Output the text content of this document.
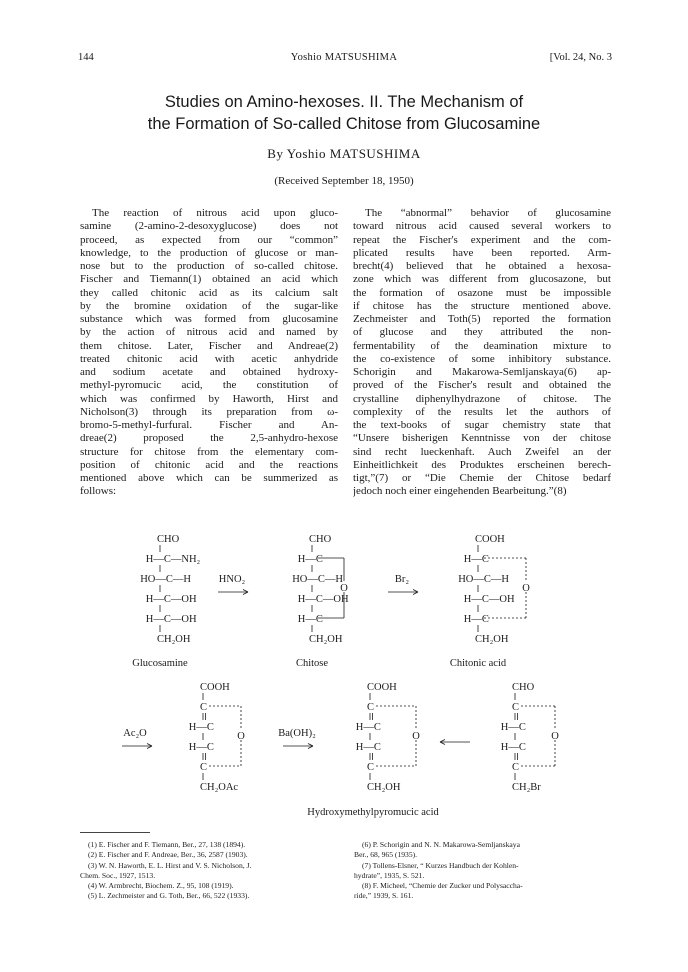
144	Yoshio MATSUSHIMA	[Vol. 24, No. 3
Studies on Amino-hexoses. II. The Mechanism of
the Formation of So-called Chitose from Glucosamine
By Yoshio MATSUSHIMA
(Received September 18, 1950)
The reaction of nitrous acid upon gluco-
samine (2-amino-2-desoxyglucose) does not
proceed, as expected from our “common”
knowledge, to the production of glucose or man-
nose but to the production of so-called chitose.
Fischer and Tiemann(1) obtained an acid which
they called chitonic acid as its calcium salt
by the bromine oxidation of the sugar-like
substance which was formed from glucosamine
by the action of nitrous acid and named by
them chitose. Later, Fischer and Andreae(2)
treated chitonic acid with acetic anhydride
and sodium acetate and obtained hydroxy-
methyl-pyromucic acid, the constitution of
which was confirmed by Haworth, Hirst and
Nicholson(3) through its preparation from ω-
bromo-5-methyl-furfural. Fischer and An-
dreae(2) proposed the 2,5-anhydro-hexose
structure for chitose from the elementary com-
position of chitonic acid and the reactions
mentioned above which can be summerized as
follows:
The “abnormal” behavior of glucosamine
toward nitrous acid caused several workers to
repeat the Fischer's experiment and the com-
plicated results have been reported. Arm-
brecht(4) believed that he obtained a hexosa-
zone which was different from glucosazone, but
the formation of osazone must be impossible
if chitose has the structure mentioned above.
Zechmeister and Toth(5) reported the formation
of glucose and they attributed the non-
fermentability of the deamination mixture to
the co-existence of some inhibitory substance.
Schorigin and Makarowa-Semljanskaya(6) ap-
proved of the Fischer's result and obtained the
crystalline diphenylhydrazone of chitose. The
complexity of the results let the authors of
the text-books of sugar chemistry state that
“Unsere bisherigen Kenntnisse von der chitose
sind recht lueckenhaft. Auch Zweifel an der
Einheitlichkeit des Produktes erscheinen berech-
tigt,”(7) or “Die Chemie der Chitose bedarf
jedoch noch einer eingehenden Bearbeitung.”(8)
CHO
H—C—NH₂
HO—C—H
H—C—OH
H—C—OH
CH₂OH
Glucosamine
CHO
H—C
HO—C—H
H—C—OH
H—C
CH₂OH
O
Chitose
COOH
H—C
HO—C—H
H—C—OH
H—C
CH₂OH
O
Chitonic acid
HNO₂	Br₂
COOH
C
H—C
H—C
C
CH₂OAc
O
COOH
C
H—C
H—C
C
CH₂OH
O
CHO
C
H—C
H—C
C
CH₂Br
O
Ac₂O	Ba(OH)₂
Hydroxymethylpyromucic acid
(1) E. Fischer and F. Tiemann, Ber., 27, 138 (1894).
(2) E. Fischer and F. Andreae, Ber., 36, 2587 (1903).
(3) W. N. Haworth, E. L. Hirst and V. S. Nicholson, J.
Chem. Soc., 1927, 1513.
(4) W. Armbrecht, Biochem. Z., 95, 108 (1919).
(5) L. Zechmeister and G. Toth, Ber., 66, 522 (1933).
(6) P. Schorigin and N. N. Makarowa-Semljanskaya
Ber., 68, 965 (1935).
(7) Tollens-Elsner, “ Kurzes Handbuch der Kohlen-
hydrate”, 1935, S. 521.
(8) F. Micheel, “Chemie der Zucker und Polysaccha-
ride,” 1939, S. 161.
